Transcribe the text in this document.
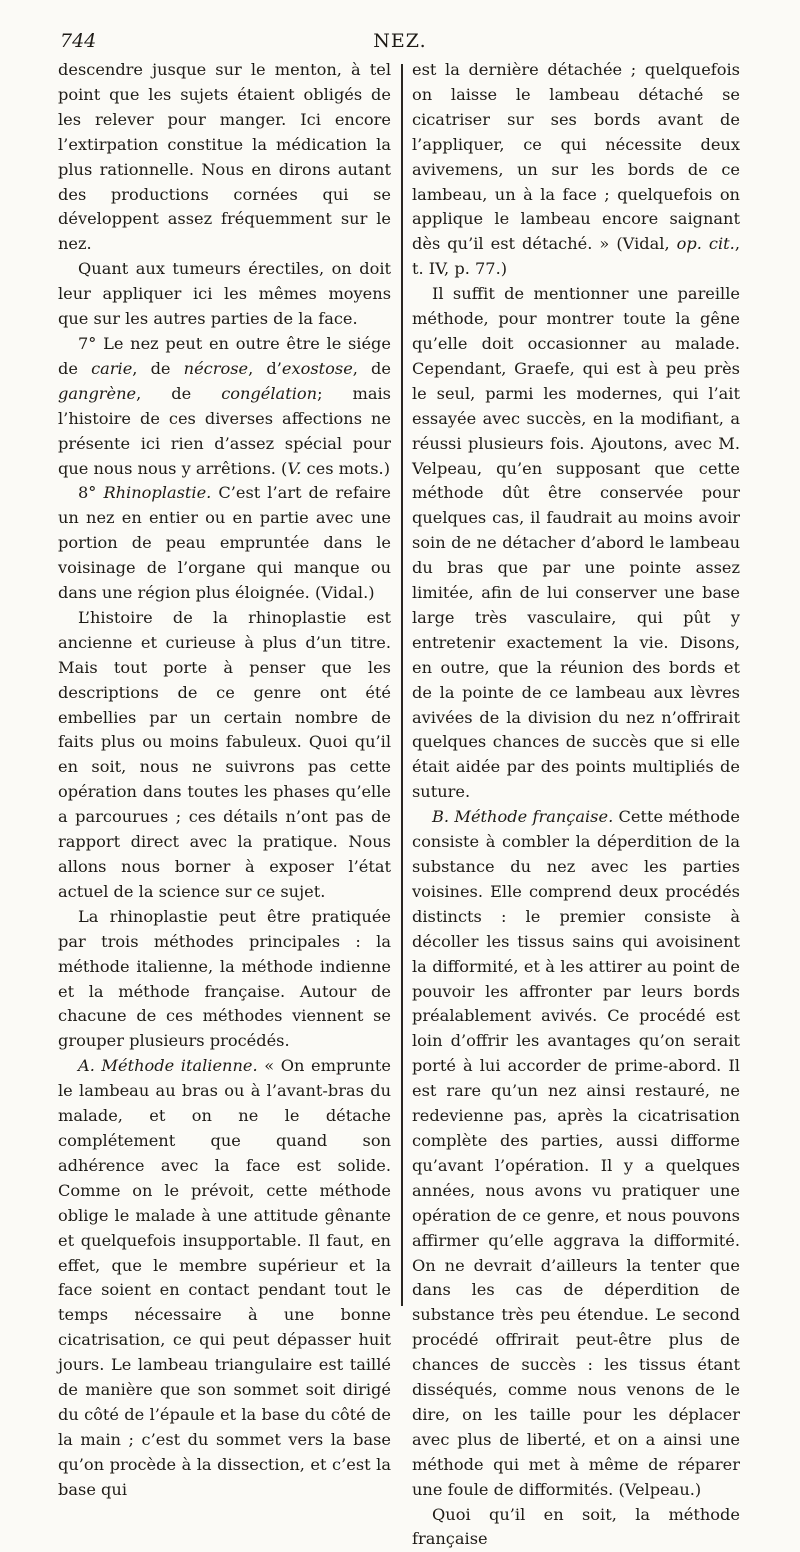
744	NEZ.

descendre jusque sur le menton, à tel point que les sujets étaient obligés de les relever pour manger. Ici encore l’extirpation constitue la médication la plus rationnelle. Nous en dirons autant des productions cornées qui se développent assez fréquemment sur le nez.

Quant aux tumeurs érectiles, on doit leur appliquer ici les mêmes moyens que sur les autres parties de la face.

7° Le nez peut en outre être le siége de carie, de nécrose, d’exostose, de gangrène, de congélation; mais l’histoire de ces diverses affections ne présente ici rien d’assez spécial pour que nous nous y arrêtions. (V. ces mots.)

8° Rhinoplastie. C’est l’art de refaire un nez en entier ou en partie avec une portion de peau empruntée dans le voisinage de l’organe qui manque ou dans une région plus éloignée. (Vidal.)

L’histoire de la rhinoplastie est ancienne et curieuse à plus d’un titre. Mais tout porte à penser que les descriptions de ce genre ont été embellies par un certain nombre de faits plus ou moins fabuleux. Quoi qu’il en soit, nous ne suivrons pas cette opération dans toutes les phases qu’elle a parcourues ; ces détails n’ont pas de rapport direct avec la pratique. Nous allons nous borner à exposer l’état actuel de la science sur ce sujet.

La rhinoplastie peut être pratiquée par trois méthodes principales : la méthode italienne, la méthode indienne et la méthode française. Autour de chacune de ces méthodes viennent se grouper plusieurs procédés.

A. Méthode italienne. « On emprunte le lambeau au bras ou à l’avant-bras du malade, et on ne le détache complétement que quand son adhérence avec la face est solide. Comme on le prévoit, cette méthode oblige le malade à une attitude gênante et quelquefois insupportable. Il faut, en effet, que le membre supérieur et la face soient en contact pendant tout le temps nécessaire à une bonne cicatrisation, ce qui peut dépasser huit jours. Le lambeau triangulaire est taillé de manière que son sommet soit dirigé du côté de l’épaule et la base du côté de la main ; c’est du sommet vers la base qu’on procède à la dissection, et c’est la base qui

est la dernière détachée ; quelquefois on laisse le lambeau détaché se cicatriser sur ses bords avant de l’appliquer, ce qui nécessite deux avivemens, un sur les bords de ce lambeau, un à la face ; quelquefois on applique le lambeau encore saignant dès qu’il est détaché. » (Vidal, op. cit., t. IV, p. 77.)

Il suffit de mentionner une pareille méthode, pour montrer toute la gêne qu’elle doit occasionner au malade. Cependant, Graefe, qui est à peu près le seul, parmi les modernes, qui l’ait essayée avec succès, en la modifiant, a réussi plusieurs fois. Ajoutons, avec M. Velpeau, qu’en supposant que cette méthode dût être conservée pour quelques cas, il faudrait au moins avoir soin de ne détacher d’abord le lambeau du bras que par une pointe assez limitée, afin de lui conserver une base large très vasculaire, qui pût y entretenir exactement la vie. Disons, en outre, que la réunion des bords et de la pointe de ce lambeau aux lèvres avivées de la division du nez n’offrirait quelques chances de succès que si elle était aidée par des points multipliés de suture.

B. Méthode française. Cette méthode consiste à combler la déperdition de la substance du nez avec les parties voisines. Elle comprend deux procédés distincts : le premier consiste à décoller les tissus sains qui avoisinent la difformité, et à les attirer au point de pouvoir les affronter par leurs bords préalablement avivés. Ce procédé est loin d’offrir les avantages qu’on serait porté à lui accorder de prime-abord. Il est rare qu’un nez ainsi restauré, ne redevienne pas, après la cicatrisation complète des parties, aussi difforme qu’avant l’opération. Il y a quelques années, nous avons vu pratiquer une opération de ce genre, et nous pouvons affirmer qu’elle aggrava la difformité. On ne devrait d’ailleurs la tenter que dans les cas de déperdition de substance très peu étendue. Le second procédé offrirait peut-être plus de chances de succès : les tissus étant disséqués, comme nous venons de le dire, on les taille pour les déplacer avec plus de liberté, et on a ainsi une méthode qui met à même de réparer une foule de difformités. (Velpeau.)

Quoi qu’il en soit, la méthode française
